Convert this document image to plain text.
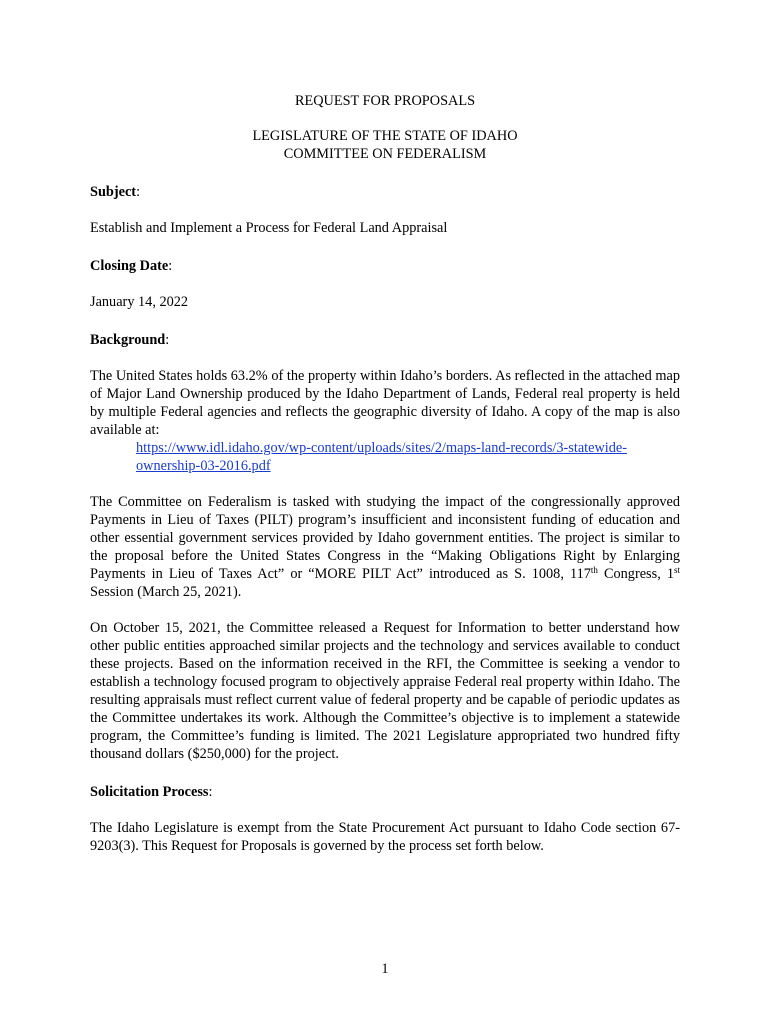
REQUEST FOR PROPOSALS
LEGISLATURE OF THE STATE OF IDAHO
COMMITTEE ON FEDERALISM
Subject:
Establish and Implement a Process for Federal Land Appraisal
Closing Date:
January 14, 2022
Background:
The United States holds 63.2% of the property within Idaho’s borders. As reflected in the attached map of Major Land Ownership produced by the Idaho Department of Lands, Federal real property is held by multiple Federal agencies and reflects the geographic diversity of Idaho. A copy of the map is also available at:
https://www.idl.idaho.gov/wp-content/uploads/sites/2/maps-land-records/3-statewide-
ownership-03-2016.pdf
The Committee on Federalism is tasked with studying the impact of the congressionally approved Payments in Lieu of Taxes (PILT) program’s insufficient and inconsistent funding of education and other essential government services provided by Idaho government entities. The project is similar to the proposal before the United States Congress in the “Making Obligations Right by Enlarging Payments in Lieu of Taxes Act” or “MORE PILT Act” introduced as S. 1008, 117th Congress, 1st Session (March 25, 2021).
On October 15, 2021, the Committee released a Request for Information to better understand how other public entities approached similar projects and the technology and services available to conduct these projects. Based on the information received in the RFI, the Committee is seeking a vendor to establish a technology focused program to objectively appraise Federal real property within Idaho. The resulting appraisals must reflect current value of federal property and be capable of periodic updates as the Committee undertakes its work. Although the Committee’s objective is to implement a statewide program, the Committee’s funding is limited. The 2021 Legislature appropriated two hundred fifty thousand dollars ($250,000) for the project.
Solicitation Process:
The Idaho Legislature is exempt from the State Procurement Act pursuant to Idaho Code section 67-9203(3). This Request for Proposals is governed by the process set forth below.
1
